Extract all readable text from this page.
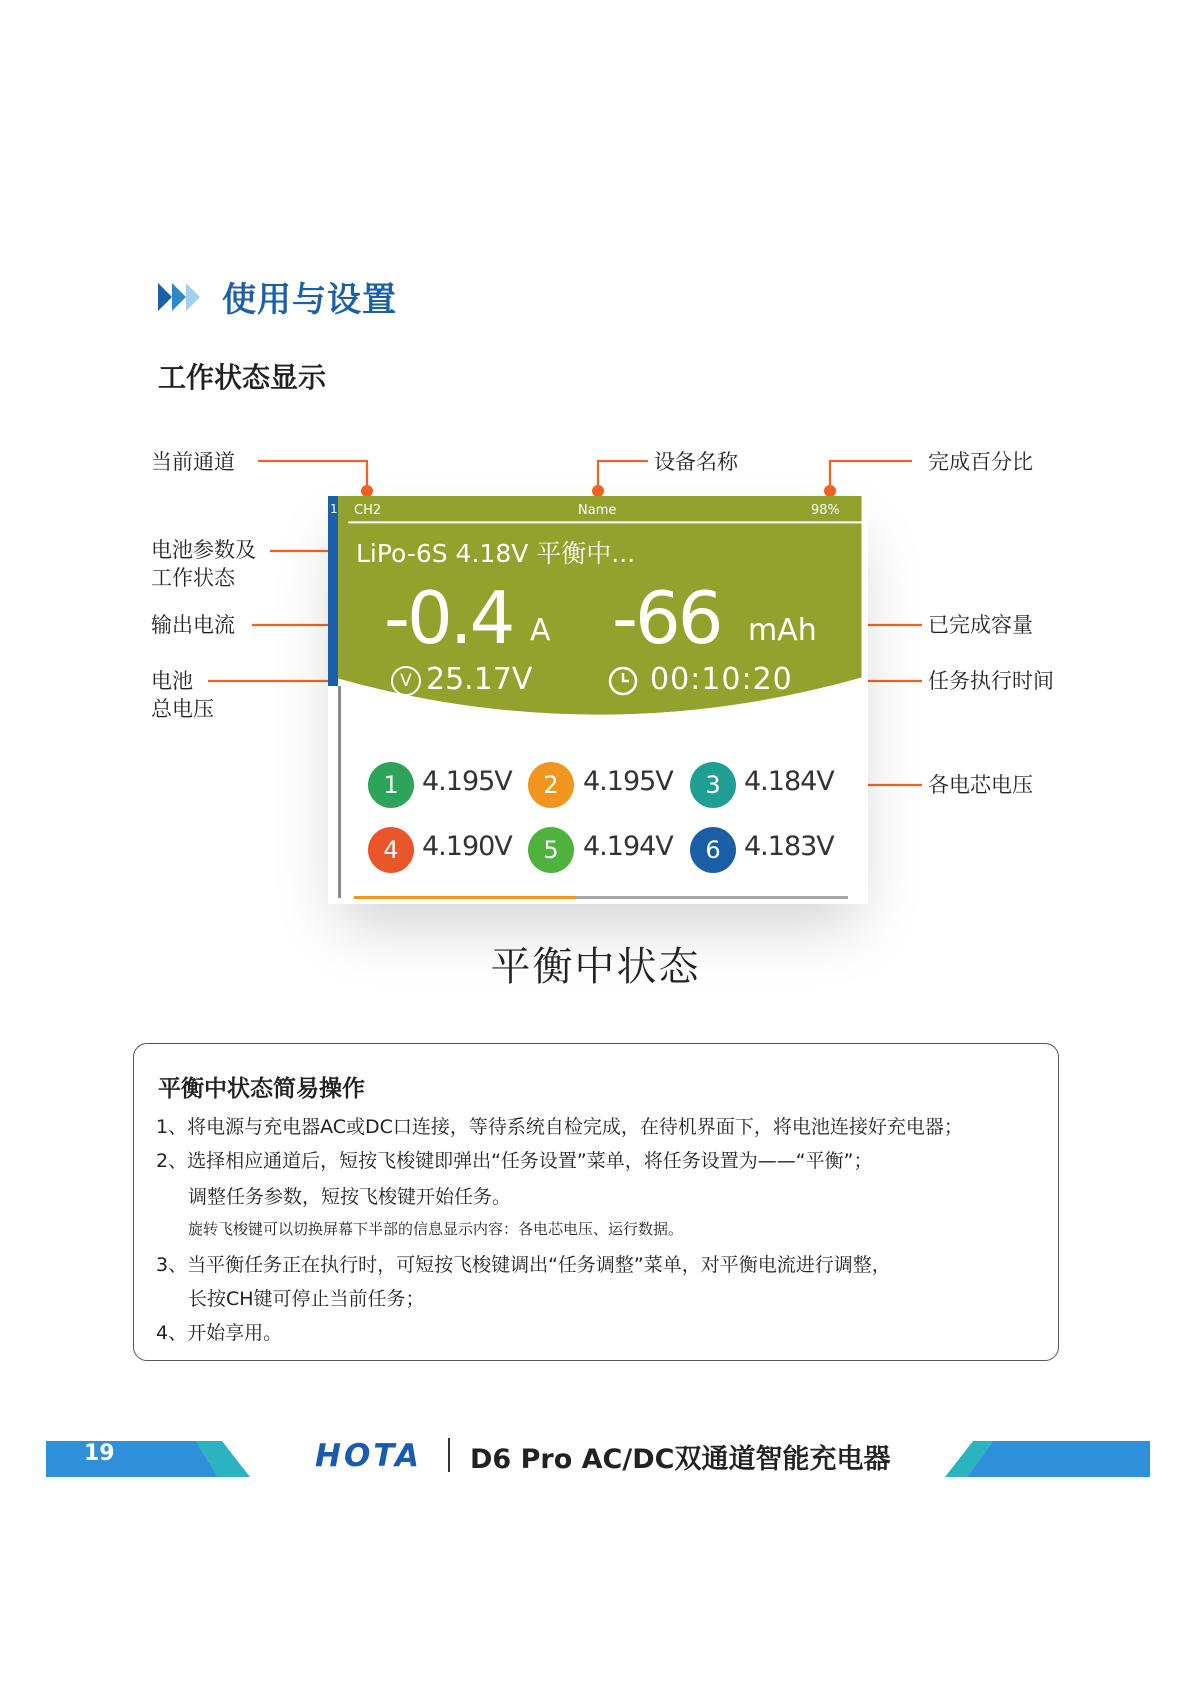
使用与设置
工作状态显示
当前通道	设备名称	完成百分比
电池参数及
工作状态
输出电流	已完成容量
电池
总电压
任务执行时间
各电芯电压
1 CH2	Name	98%
LiPo-6S 4.18V 平衡中...
-0.4 A -66 mAh
V 25.17V	00:10:20
1 4.195V	2 4.195V	3 4.184V
4 4.190V	5 4.194V	6 4.183V
平衡中状态
平衡中状态简易操作
1、将电源与充电器AC或DC口连接，等待系统自检完成，在待机界面下，将电池连接好充电器；
2、选择相应通道后，短按飞梭键即弹出“任务设置”菜单，将任务设置为——“平衡”；
调整任务参数，短按飞梭键开始任务。
旋转飞梭键可以切换屏幕下半部的信息显示内容：各电芯电压、运行数据。
3、当平衡任务正在执行时，可短按飞梭键调出“任务调整”菜单，对平衡电流进行调整，
长按CH键可停止当前任务；
4、开始享用。
19	HOTA D6 Pro AC/DC双通道智能充电器
